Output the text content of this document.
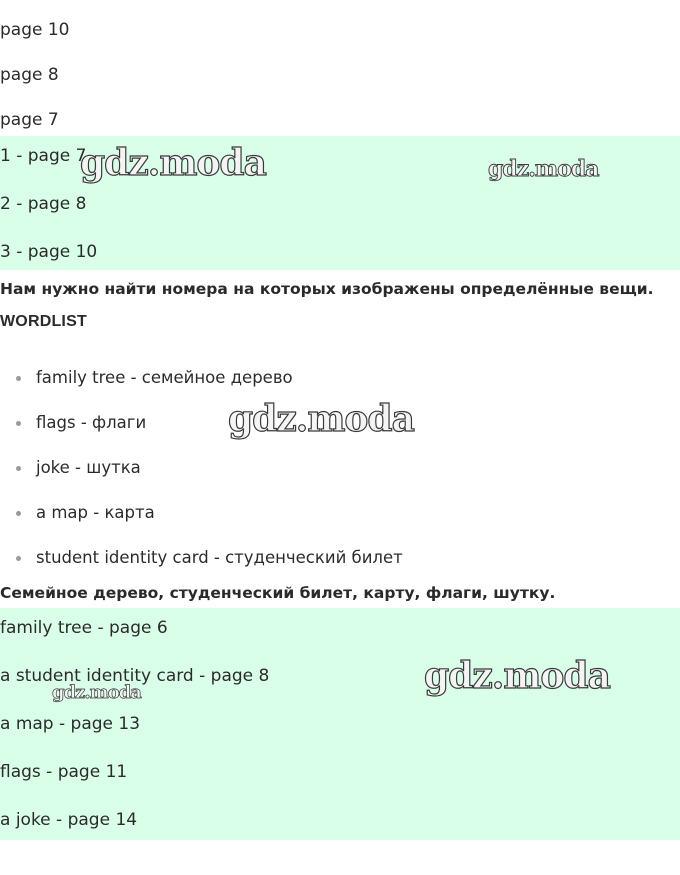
page 10
page 8
page 7
1 - page 7
2 - page 8
3 - page 10
Нам нужно найти номера на которых изображены определённые вещи.
WORDLIST
family tree - семейное дерево
flags - флаги
joke - шутка
a map - карта
student identity card - студенческий билет
Семейное дерево, студенческий билет, карту, флаги, шутку.
family tree - page 6
a student identity card - page 8
a map - page 13
flags - page 11
a joke - page 14
gdz.moda	gdz.moda
gdz.moda
gdz.moda
gdz.moda
